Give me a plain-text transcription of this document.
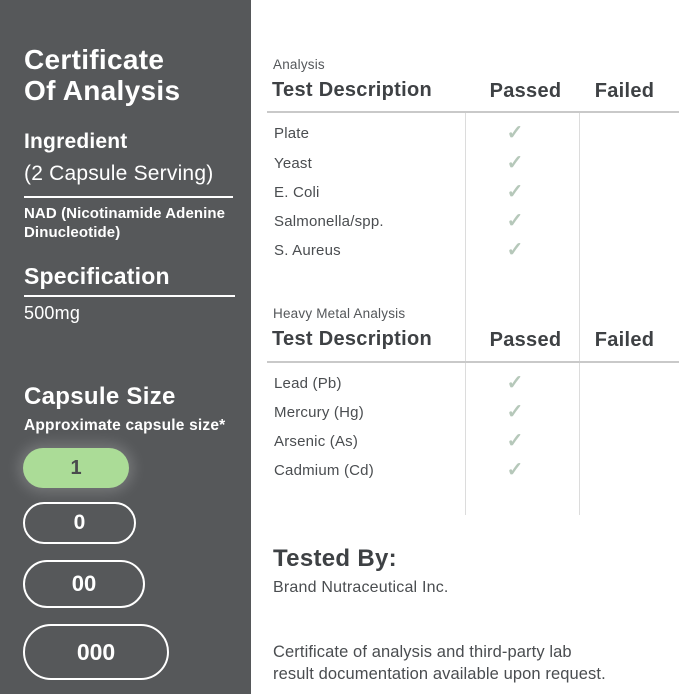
Certificate
Of Analysis
Ingredient
(2 Capsule Serving)
NAD (Nicotinamide Adenine Dinucleotide)
Specification
500mg
Capsule Size
Approximate capsule size*
1
0
00
000
Analysis
Test Description	Passed Failed
Plate	✓
Yeast	✓
E. Coli	✓
Salmonella/spp.	✓
S. Aureus	✓
Heavy Metal Analysis
Test Description	Passed Failed
Lead (Pb)	✓
Mercury (Hg)	✓
Arsenic (As)	✓
Cadmium (Cd)	✓
Tested By:
Brand Nutraceutical Inc.
Certificate of analysis and third-party lab result documentation available upon request.
